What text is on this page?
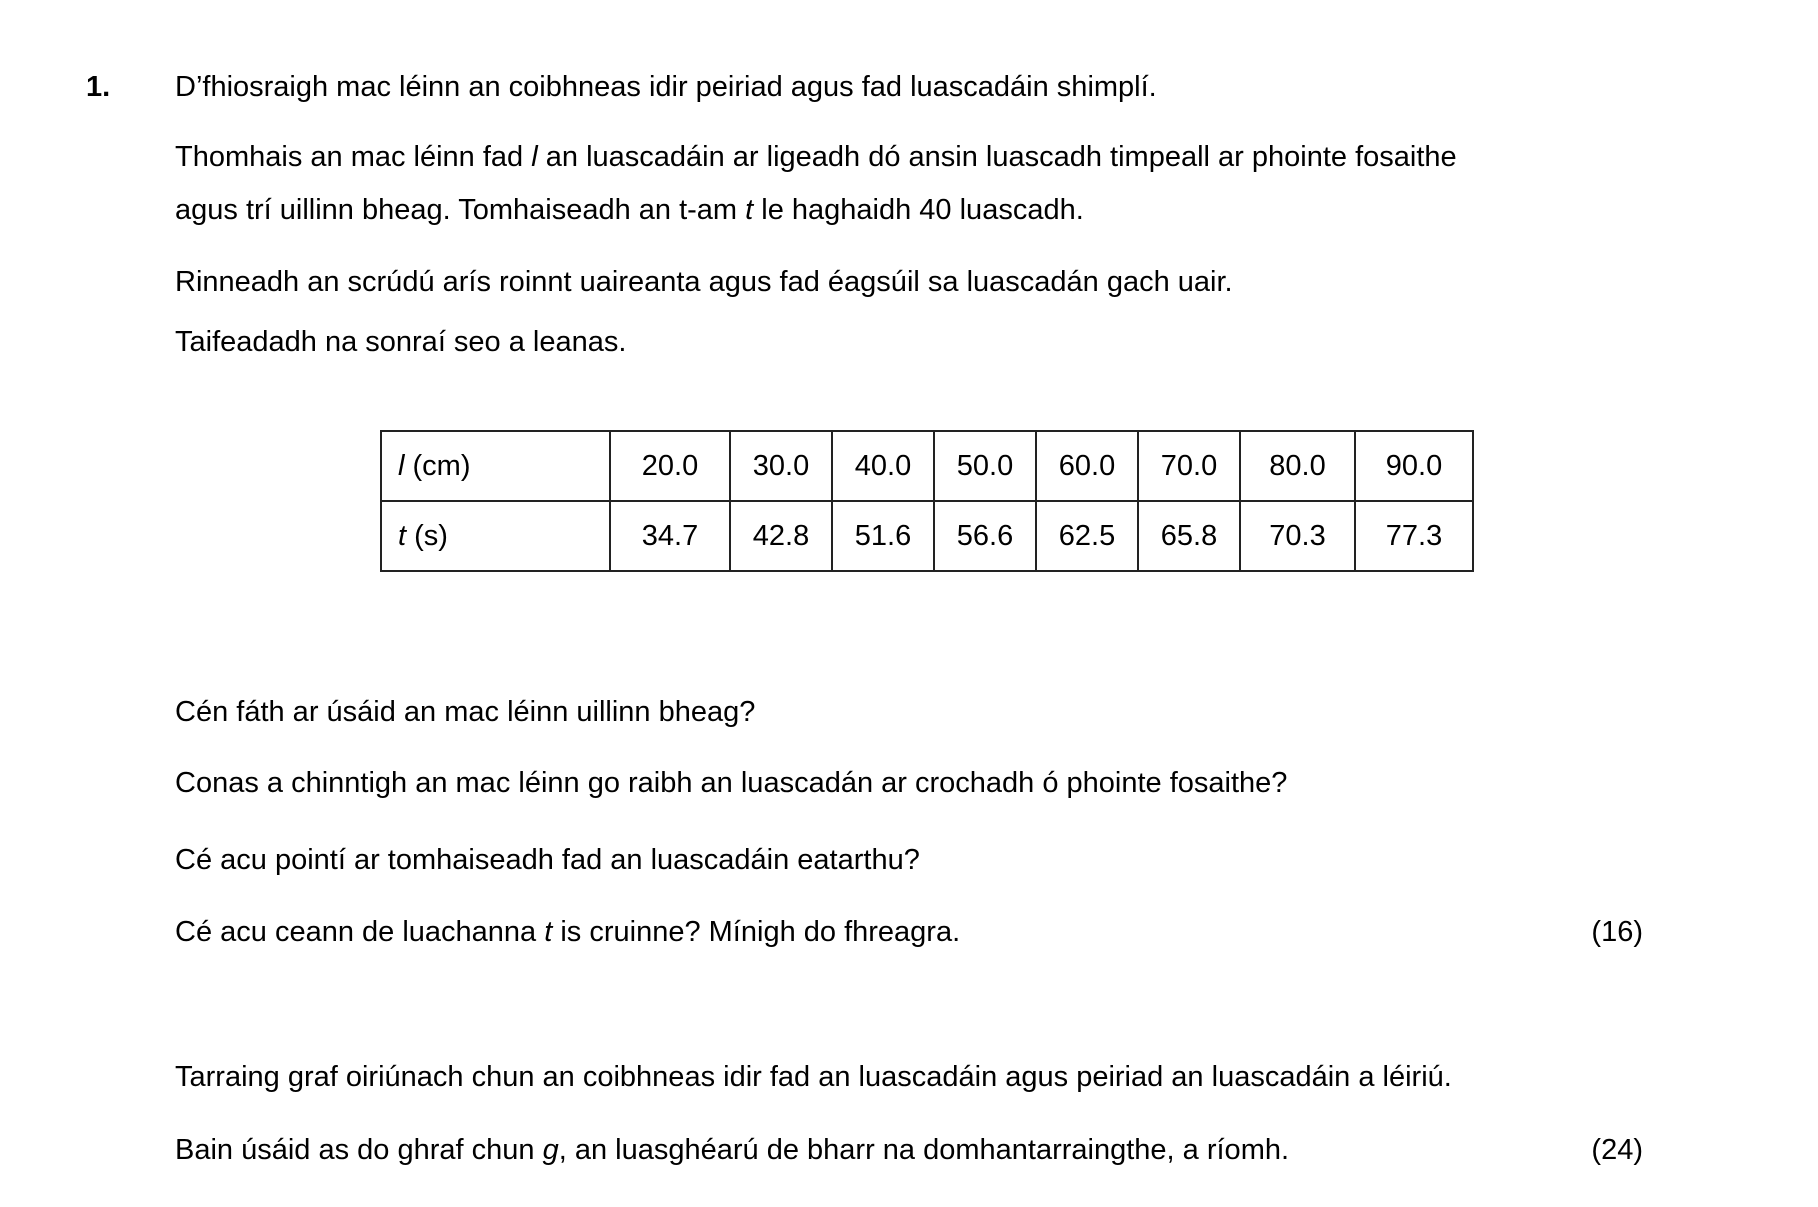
1. D’fhiosraigh mac léinn an coibhneas idir peiriad agus fad luascadáin shimplí.
Thomhais an mac léinn fad l an luascadáin ar ligeadh dó ansin luascadh timpeall ar phointe fosaithe
agus trí uillinn bheag. Tomhaiseadh an t-am t le haghaidh 40 luascadh.
Rinneadh an scrúdú arís roinnt uaireanta agus fad éagsúil sa luascadán gach uair.
Taifeadadh na sonraí seo a leanas.
l (cm)	20.0	30.0	40.0	50.0	60.0	70.0	80.0	90.0
t (s)	34.7	42.8	51.6	56.6	62.5	65.8	70.3	77.3
Cén fáth ar úsáid an mac léinn uillinn bheag?
Conas a chinntigh an mac léinn go raibh an luascadán ar crochadh ó phointe fosaithe?
Cé acu pointí ar tomhaiseadh fad an luascadáin eatarthu?
Cé acu ceann de luachanna t is cruinne? Mínigh do fhreagra.	(16)
Tarraing graf oiriúnach chun an coibhneas idir fad an luascadáin agus peiriad an luascadáin a léiriú.
Bain úsáid as do ghraf chun g, an luasghéarú de bharr na domhantarraingthe, a ríomh.	(24)
